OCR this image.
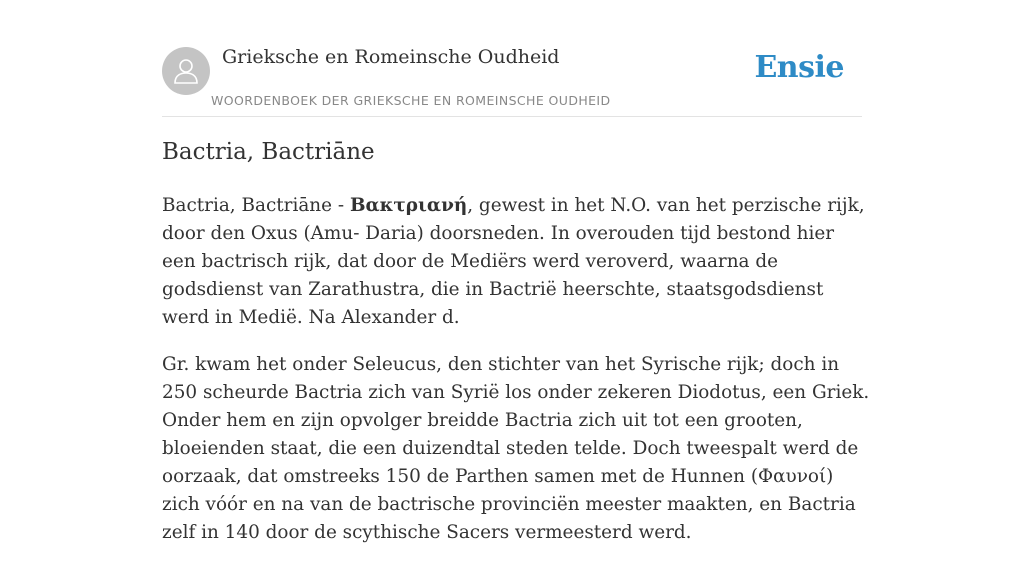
Grieksche en Romeinsche Oudheid
WOORDENBOEK DER GRIEKSCHE EN ROMEINSCHE OUDHEID
Ensie
Bactria, Bactriāne

Bactria, Bactriāne - Βακτριανή, gewest in het N.O. van het perzische rijk, door den Oxus (Amu- Daria) doorsneden. In overouden tijd bestond hier een bactrisch rijk, dat door de Mediërs werd veroverd, waarna de godsdienst van Zarathustra, die in Bactrië heerschte, staatsgodsdienst werd in Medië. Na Alexander d.

Gr. kwam het onder Seleucus, den stichter van het Syrische rijk; doch in 250 scheurde Bactria zich van Syrië los onder zekeren Diodotus, een Griek. Onder hem en zijn opvolger breidde Bactria zich uit tot een grooten, bloeienden staat, die een duizendtal steden telde. Doch tweespalt werd de oorzaak, dat omstreeks 150 de Parthen samen met de Hunnen (Φαυνοί) zich vóór en na van de bactrische provinciën meester maakten, en Bactria zelf in 140 door de scythische Sacers vermeesterd werd.
